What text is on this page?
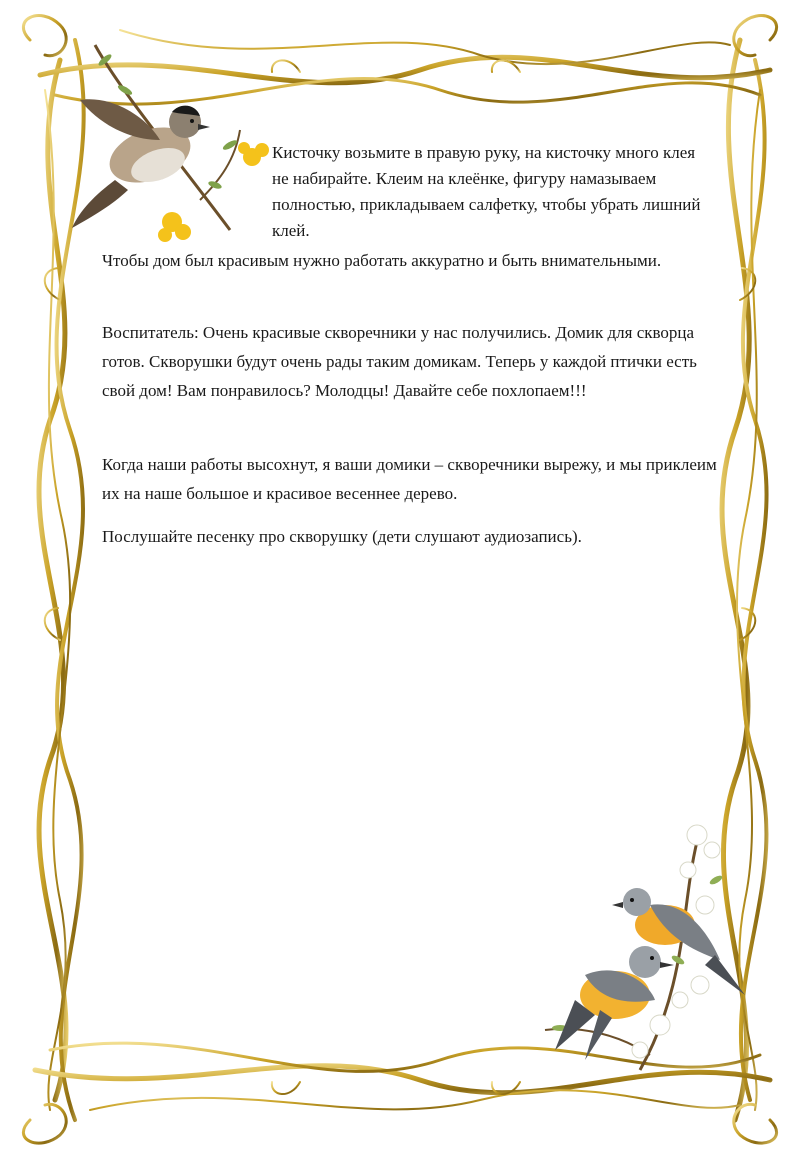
Кисточку возьмите в правую руку, на кисточку много клея не набирайте. Клеим на клеёнке, фигуру намазываем полностью, прикладываем салфетку, чтобы убрать лишний клей.

Чтобы дом был красивым нужно работать аккуратно и быть внимательными.

Воспитатель: Очень красивые скворечники у нас получились. Домик для скворца готов. Скворушки будут очень рады таким домикам. Теперь у каждой птички есть свой дом! Вам понравилось? Молодцы! Давайте себе похлопаем!!!

Когда наши работы высохнут, я ваши домики – скворечники вырежу, и мы приклеим их на наше большое и красивое весеннее дерево.

Послушайте песенку про скворушку (дети слушают аудиозапись).
